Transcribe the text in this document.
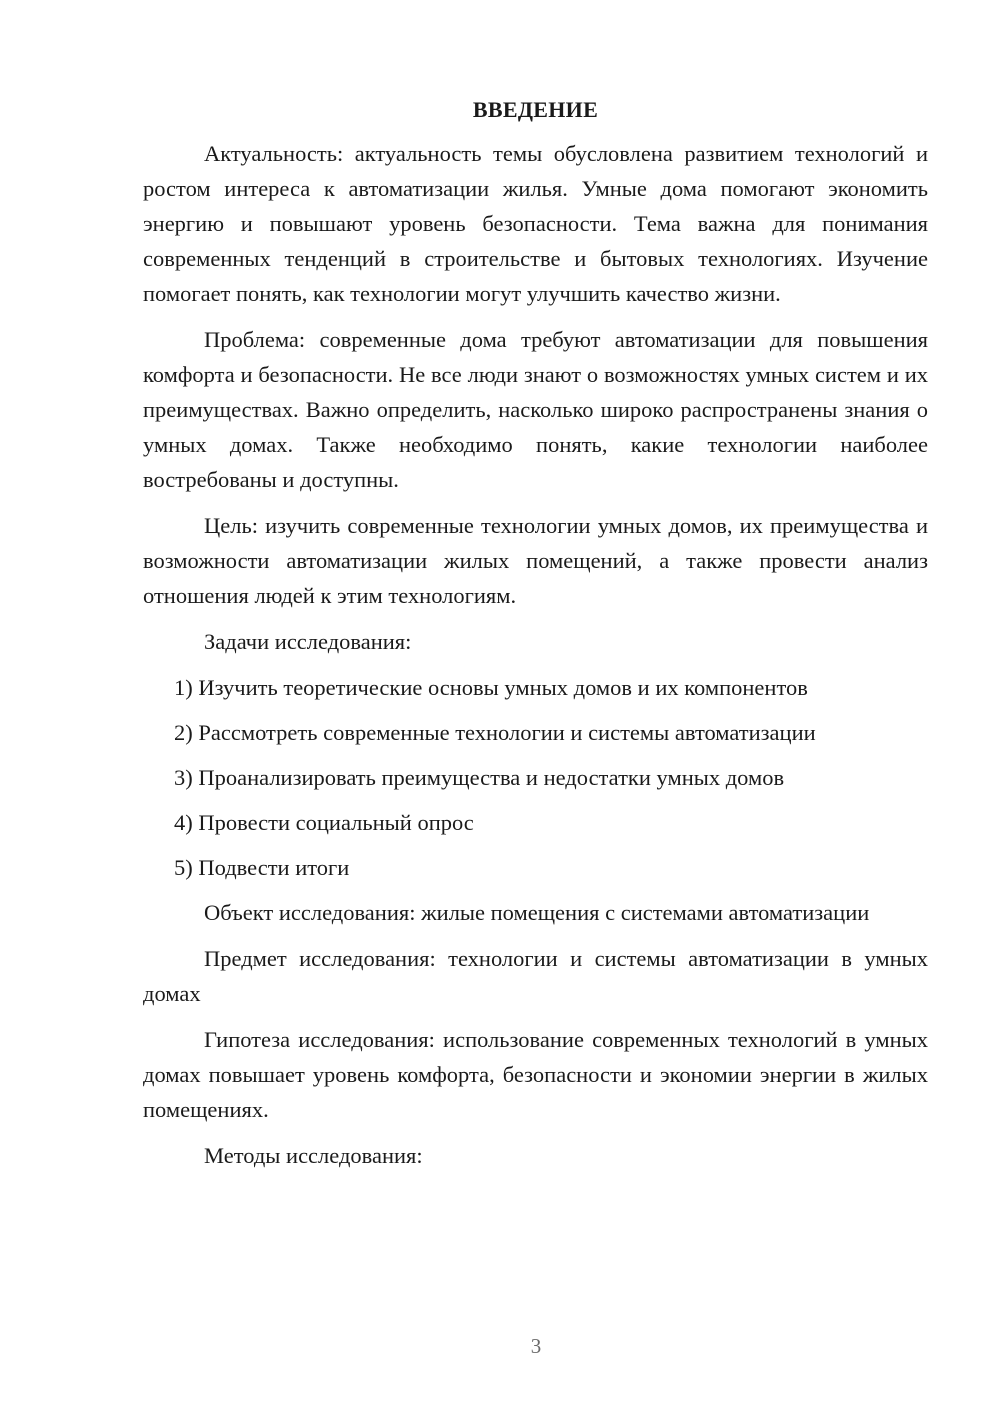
ВВЕДЕНИЕ

Актуальность: актуальность темы обусловлена развитием технологий и ростом интереса к автоматизации жилья. Умные дома помогают экономить энергию и повышают уровень безопасности. Тема важна для понимания современных тенденций в строительстве и бытовых технологиях. Изучение помогает понять, как технологии могут улучшить качество жизни.

Проблема: современные дома требуют автоматизации для повышения комфорта и безопасности. Не все люди знают о возможностях умных систем и их преимуществах. Важно определить, насколько широко распространены знания о умных домах. Также необходимо понять, какие технологии наиболее востребованы и доступны.

Цель: изучить современные технологии умных домов, их преимущества и возможности автоматизации жилых помещений, а также провести анализ отношения людей к этим технологиям.

Задачи исследования:

1) Изучить теоретические основы умных домов и их компонентов
2) Рассмотреть современные технологии и системы автоматизации
3) Проанализировать преимущества и недостатки умных домов
4) Провести социальный опрос
5) Подвести итоги

Объект исследования: жилые помещения с системами автоматизации

Предмет исследования: технологии и системы автоматизации в умных домах

Гипотеза исследования: использование современных технологий в умных домах повышает уровень комфорта, безопасности и экономии энергии в жилых помещениях.

Методы исследования:

3
